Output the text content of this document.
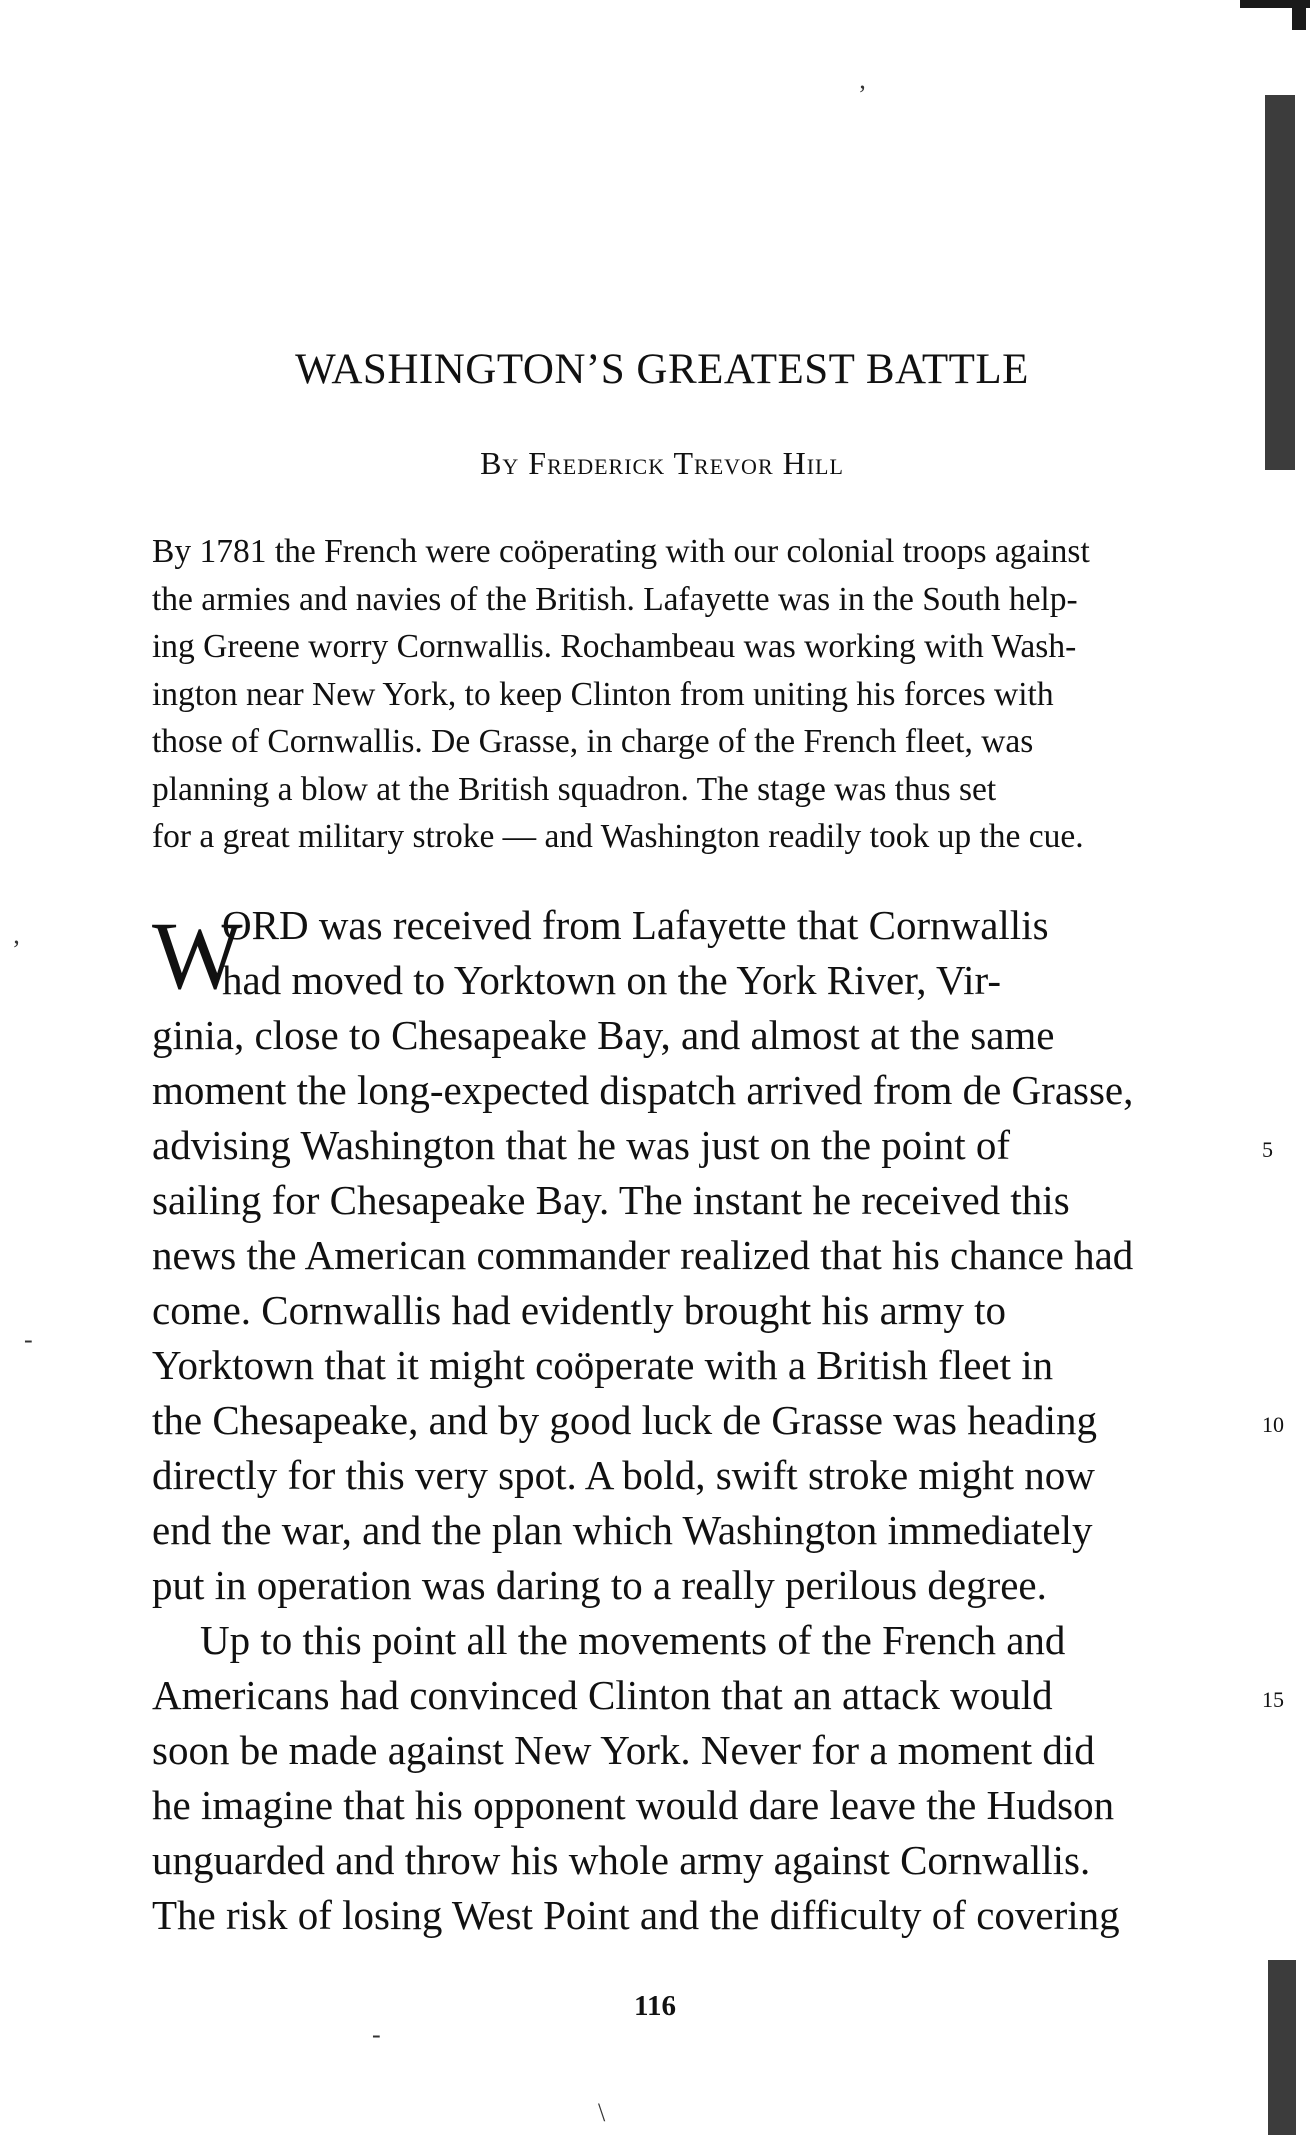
ʼ
ʼ
-
-
\
WASHINGTON’S GREATEST BATTLE

By Frederick Trevor Hill

By 1781 the French were coöperating with our colonial troops against
the armies and navies of the British. Lafayette was in the South help-
ing Greene worry Cornwallis. Rochambeau was working with Wash-
ington near New York, to keep Clinton from uniting his forces with
those of Cornwallis. De Grasse, in charge of the French fleet, was
planning a blow at the British squadron. The stage was thus set
for a great military stroke — and Washington readily took up the cue.
W
ORD was received from Lafayette that Cornwallis
had moved to Yorktown on the York River, Vir-
ginia, close to Chesapeake Bay, and almost at the same
moment the long-expected dispatch arrived from de Grasse,
advising Washington that he was just on the point of
sailing for Chesapeake Bay. The instant he received this
news the American commander realized that his chance had
come. Cornwallis had evidently brought his army to
Yorktown that it might coöperate with a British fleet in
the Chesapeake, and by good luck de Grasse was heading
directly for this very spot. A bold, swift stroke might now
end the war, and the plan which Washington immediately
put in operation was daring to a really perilous degree.
Up to this point all the movements of the French and
Americans had convinced Clinton that an attack would
soon be made against New York. Never for a moment did
he imagine that his opponent would dare leave the Hudson
unguarded and throw his whole army against Cornwallis.
The risk of losing West Point and the difficulty of covering
5
10
15
116
